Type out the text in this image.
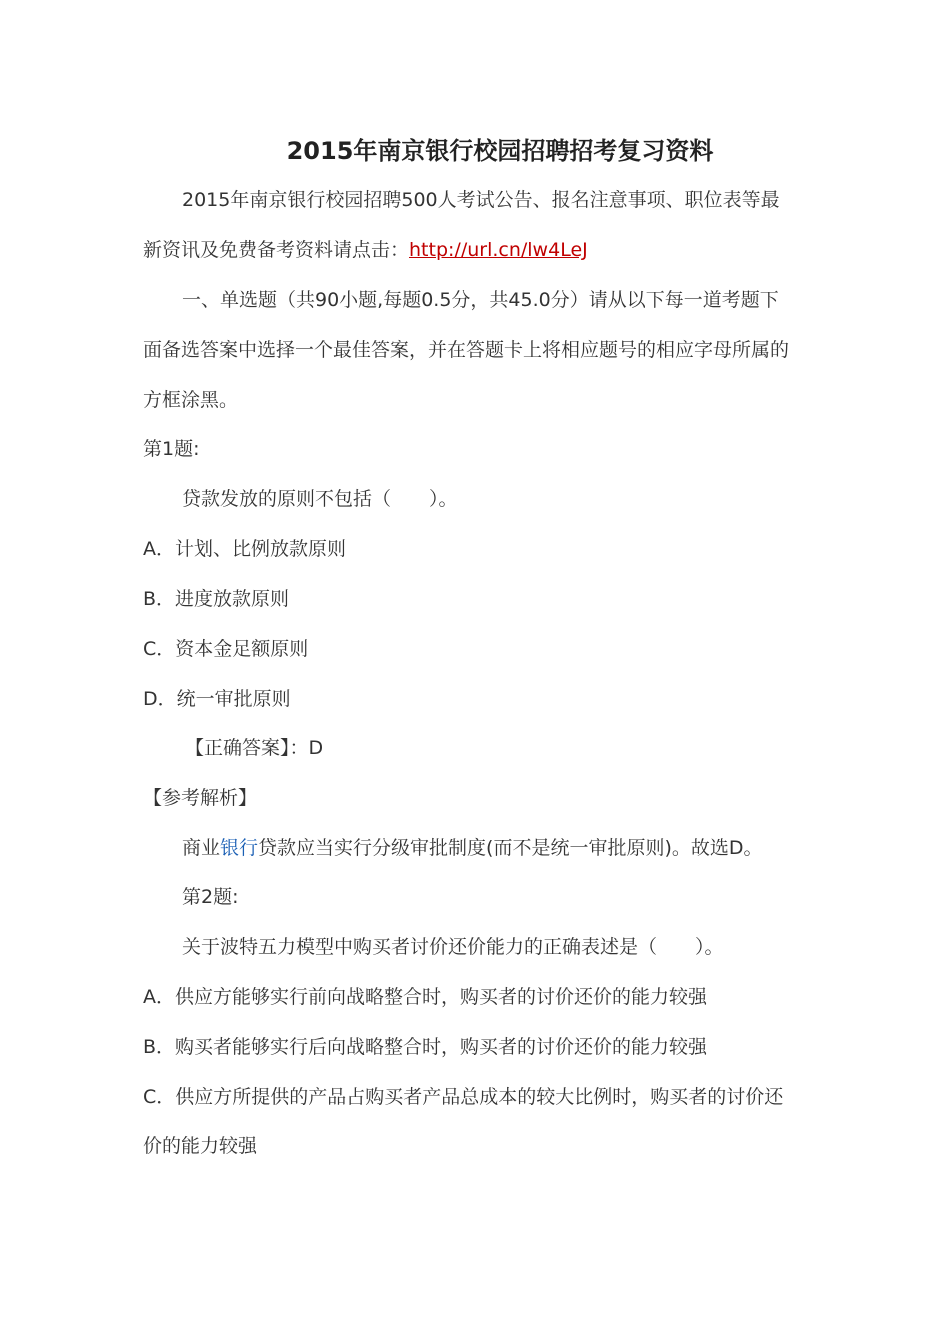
2015年南京银行校园招聘招考复习资料
2015年南京银行校园招聘500人考试公告、报名注意事项、职位表等最
新资讯及免费备考资料请点击：http://url.cn/lw4LeJ
一、单选题（共90小题,每题0.5分，共45.0分）请从以下每一道考题下
面备选答案中选择一个最佳答案，并在答题卡上将相应题号的相应字母所属的
方框涂黑。
第1题:
贷款发放的原则不包括（　　）。
A．计划、比例放款原则
B．进度放款原则
C．资本金足额原则
D．统一审批原则
【正确答案】：D
【参考解析】
商业银行贷款应当实行分级审批制度(而不是统一审批原则)。故选D。
第2题:
关于波特五力模型中购买者讨价还价能力的正确表述是（　　）。
A．供应方能够实行前向战略整合时，购买者的讨价还价的能力较强
B．购买者能够实行后向战略整合时，购买者的讨价还价的能力较强
C．供应方所提供的产品占购买者产品总成本的较大比例时，购买者的讨价还
价的能力较强
